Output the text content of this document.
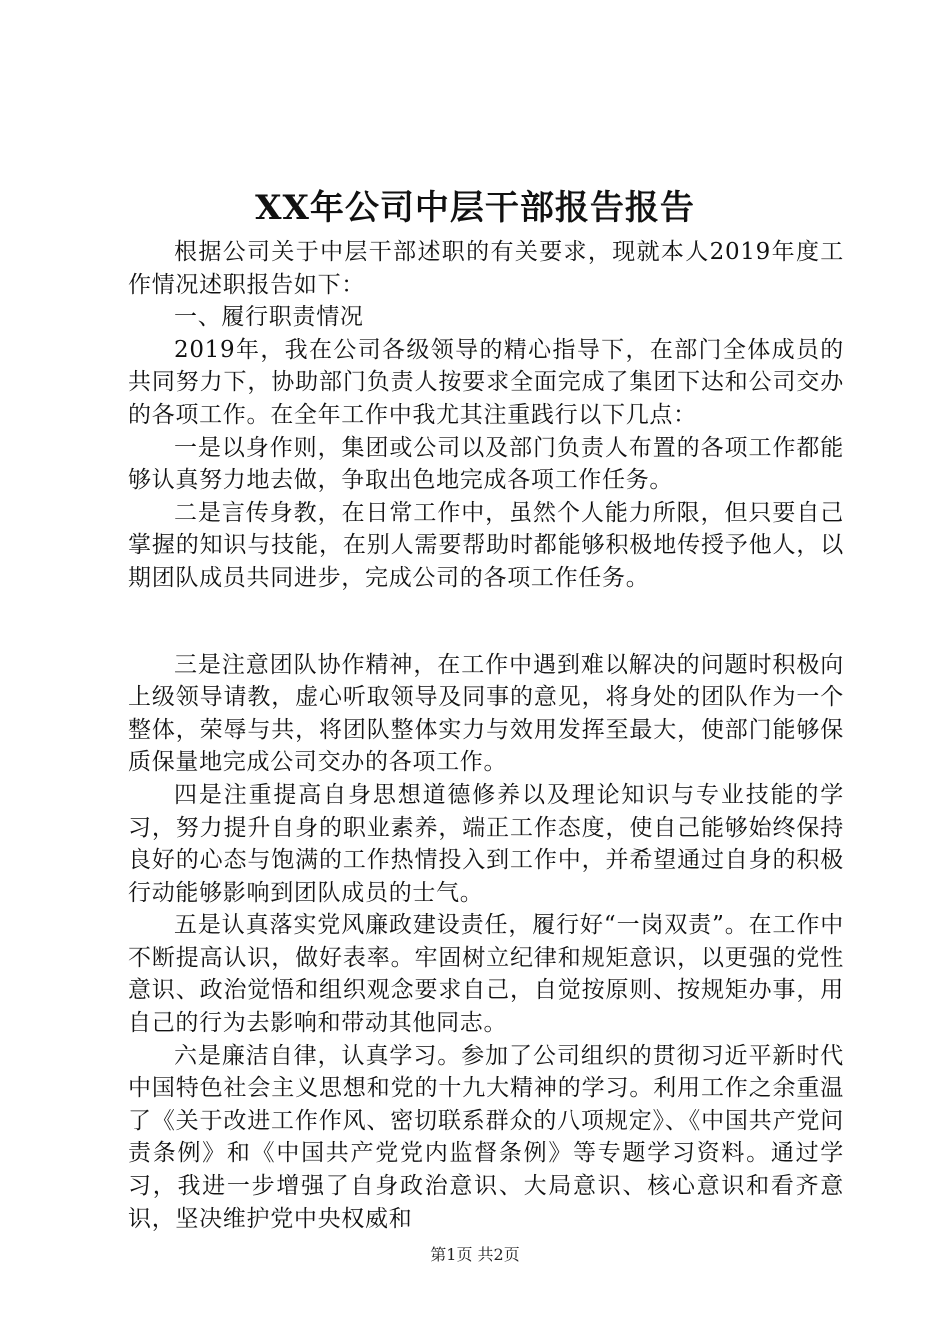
XX年公司中层干部报告报告

根据公司关于中层干部述职的有关要求，现就本人2019年度工作情况述职报告如下：

一、履行职责情况

2019年，我在公司各级领导的精心指导下，在部门全体成员的共同努力下，协助部门负责人按要求全面完成了集团下达和公司交办的各项工作。在全年工作中我尤其注重践行以下几点：

一是以身作则，集团或公司以及部门负责人布置的各项工作都能够认真努力地去做，争取出色地完成各项工作任务。

二是言传身教，在日常工作中，虽然个人能力所限，但只要自己掌握的知识与技能，在别人需要帮助时都能够积极地传授予他人，以期团队成员共同进步，完成公司的各项工作任务。

三是注意团队协作精神，在工作中遇到难以解决的问题时积极向上级领导请教，虚心听取领导及同事的意见，将身处的团队作为一个整体，荣辱与共，将团队整体实力与效用发挥至最大，使部门能够保质保量地完成公司交办的各项工作。

四是注重提高自身思想道德修养以及理论知识与专业技能的学习，努力提升自身的职业素养，端正工作态度，使自己能够始终保持良好的心态与饱满的工作热情投入到工作中，并希望通过自身的积极行动能够影响到团队成员的士气。

五是认真落实党风廉政建设责任，履行好“一岗双责”。在工作中不断提高认识，做好表率。牢固树立纪律和规矩意识，以更强的党性意识、政治觉悟和组织观念要求自己，自觉按原则、按规矩办事，用自己的行为去影响和带动其他同志。

六是廉洁自律，认真学习。参加了公司组织的贯彻习近平新时代中国特色社会主义思想和党的十九大精神的学习。利用工作之余重温了《关于改进工作作风、密切联系群众的八项规定》、《中国共产党问责条例》和《中国共产党党内监督条例》等专题学习资料。通过学习，我进一步增强了自身政治意识、大局意识、核心意识和看齐意识，坚决维护党中央权威和

第1页 共2页
